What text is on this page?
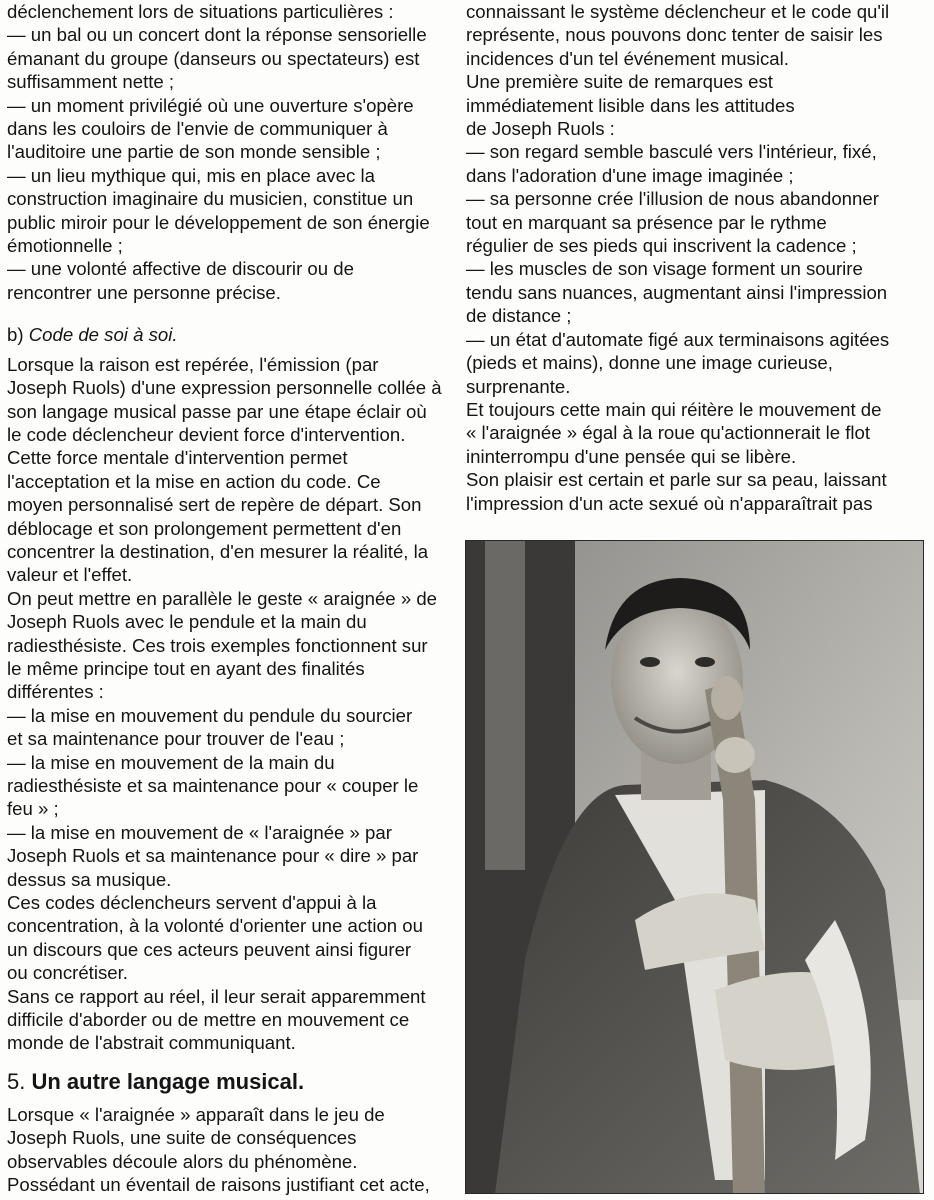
déclenchement lors de situations particulières :
— un bal ou un concert dont la réponse sensorielle
émanant du groupe (danseurs ou spectateurs) est
suffisamment nette ;
— un moment privilégié où une ouverture s'opère
dans les couloirs de l'envie de communiquer à
l'auditoire une partie de son monde sensible ;
— un lieu mythique qui, mis en place avec la
construction imaginaire du musicien, constitue un
public miroir pour le développement de son énergie
émotionnelle ;
— une volonté affective de discourir ou de
rencontrer une personne précise.
b) Code de soi à soi.
Lorsque la raison est repérée, l'émission (par
Joseph Ruols) d'une expression personnelle collée à
son langage musical passe par une étape éclair où
le code déclencheur devient force d'intervention.
Cette force mentale d'intervention permet
l'acceptation et la mise en action du code. Ce
moyen personnalisé sert de repère de départ. Son
déblocage et son prolongement permettent d'en
concentrer la destination, d'en mesurer la réalité, la
valeur et l'effet.
On peut mettre en parallèle le geste « araignée » de
Joseph Ruols avec le pendule et la main du
radiesthésiste. Ces trois exemples fonctionnent sur
le même principe tout en ayant des finalités
différentes :
— la mise en mouvement du pendule du sourcier
et sa maintenance pour trouver de l'eau ;
— la mise en mouvement de la main du
radiesthésiste et sa maintenance pour « couper le
feu » ;
— la mise en mouvement de « l'araignée » par
Joseph Ruols et sa maintenance pour « dire » par
dessus sa musique.
Ces codes déclencheurs servent d'appui à la
concentration, à la volonté d'orienter une action ou
un discours que ces acteurs peuvent ainsi figurer
ou concrétiser.
Sans ce rapport au réel, il leur serait apparemment
difficile d'aborder ou de mettre en mouvement ce
monde de l'abstrait communiquant.
5. Un autre langage musical.
Lorsque « l'araignée » apparaît dans le jeu de
Joseph Ruols, une suite de conséquences
observables découle alors du phénomène.
Possédant un éventail de raisons justifiant cet acte,
connaissant le système déclencheur et le code qu'il
représente, nous pouvons donc tenter de saisir les
incidences d'un tel événement musical.
Une première suite de remarques est
immédiatement lisible dans les attitudes
de Joseph Ruols :
— son regard semble basculé vers l'intérieur, fixé,
dans l'adoration d'une image imaginée ;
— sa personne crée l'illusion de nous abandonner
tout en marquant sa présence par le rythme
régulier de ses pieds qui inscrivent la cadence ;
— les muscles de son visage forment un sourire
tendu sans nuances, augmentant ainsi l'impression
de distance ;
— un état d'automate figé aux terminaisons agitées
(pieds et mains), donne une image curieuse,
surprenante.
Et toujours cette main qui réitère le mouvement de
« l'araignée » égal à la roue qu'actionnerait le flot
ininterrompu d'une pensée qui se libère.
Son plaisir est certain et parle sur sa peau, laissant
l'impression d'un acte sexué où n'apparaîtrait pas
